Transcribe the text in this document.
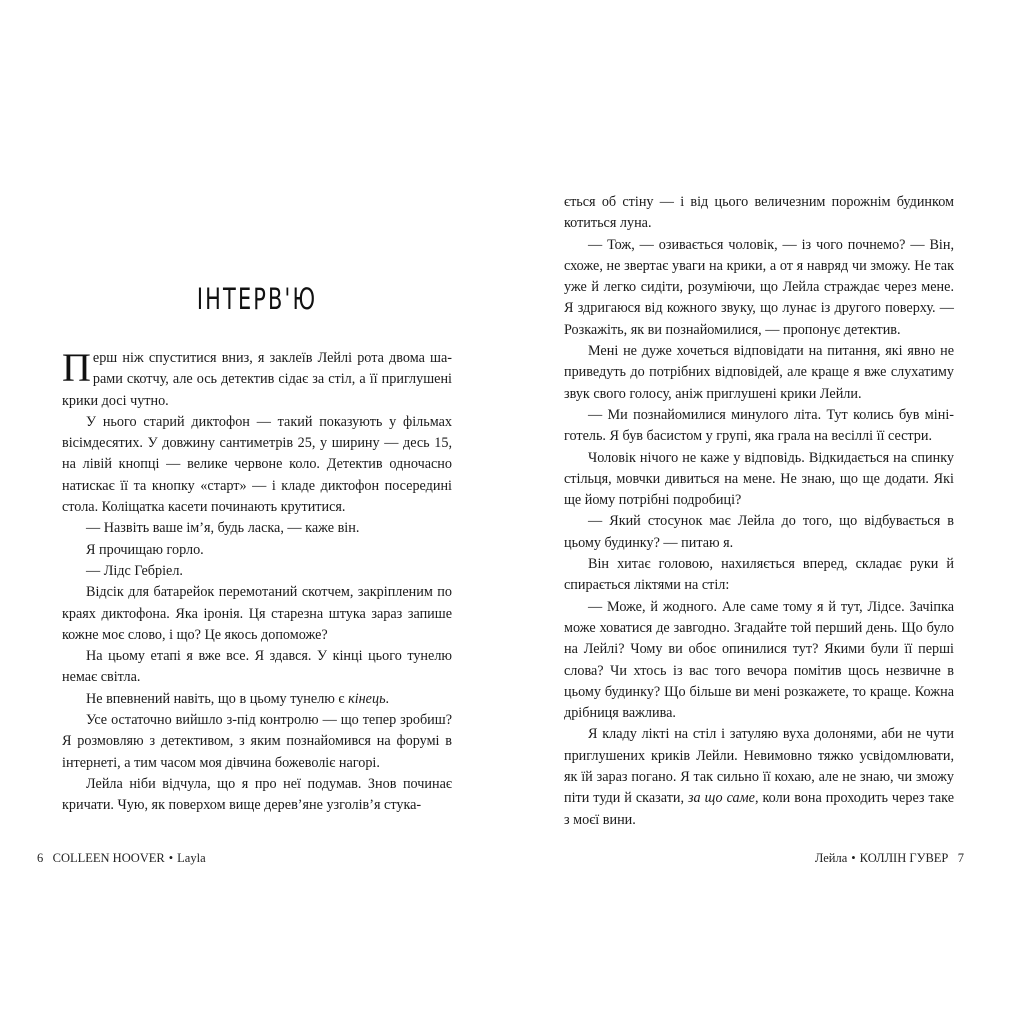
ІНТЕРВ'Ю

Перш ніж спуститися вниз, я заклеїв Лейлі рота двома шарами скотчу, але ось детектив сідає за стіл, а її приглушені крики досі чутно.

У нього старий диктофон — такий показують у фільмах вісімдесятих. У довжину сантиметрів 25, у ширину — десь 15, на лівій кнопці — велике червоне коло. Детектив одночасно натискає її та кнопку «старт» — і кладе диктофон посередині стола. Коліщатка касети починають крутитися.

— Назвіть ваше ім’я, будь ласка, — каже він.

Я прочищаю горло.

— Лідс Гебріел.

Відсік для батарейок перемотаний скотчем, закріпленим по краях диктофона. Яка іронія. Ця старезна штука зараз запише кожне моє слово, і що? Це якось допоможе?

На цьому етапі я вже все. Я здався. У кінці цього тунелю немає світла.

Не впевнений навіть, що в цьому тунелю є кінець.

Усе остаточно вийшло з-під контролю — що тепер зробиш? Я розмовляю з детективом, з яким познайомився на форумі в інтернеті, а тим часом моя дівчина божеволіє нагорі.

Лейла ніби відчула, що я про неї подумав. Знов починає кричати. Чую, як поверхом вище дерев’яне узголів’я стука-

6 COLLEEN HOOVER • Layla

ється об стіну — і від цього величезним порожнім будинком котиться луна.

— Тож, — озивається чоловік, — із чого почнемо? — Він, схоже, не звертає уваги на крики, а от я навряд чи зможу. Не так уже й легко сидіти, розуміючи, що Лейла страждає через мене. Я здригаюся від кожного звуку, що лунає із другого поверху. — Розкажіть, як ви познайомилися, — пропонує детектив.

Мені не дуже хочеться відповідати на питання, які явно не приведуть до потрібних відповідей, але краще я вже слухатиму звук свого голосу, аніж приглушені крики Лейли.

— Ми познайомилися минулого літа. Тут колись був мініготель. Я був басистом у групі, яка грала на весіллі її сестри.

Чоловік нічого не каже у відповідь. Відкидається на спинку стільця, мовчки дивиться на мене. Не знаю, що ще додати. Які ще йому потрібні подробиці?

— Який стосунок має Лейла до того, що відбувається в цьому будинку? — питаю я.

Він хитає головою, нахиляється вперед, складає руки й спирається ліктями на стіл:

— Може, й жодного. Але саме тому я й тут, Лідсе. Зачіпка може ховатися де завгодно. Згадайте той перший день. Що було на Лейлі? Чому ви обоє опинилися тут? Якими були її перші слова? Чи хтось із вас того вечора помітив щось незвичне в цьому будинку? Що більше ви мені розкажете, то краще. Кожна дрібниця важлива.

Я кладу лікті на стіл і затуляю вуха долонями, аби не чути приглушених криків Лейли. Невимовно тяжко усвідомлювати, як їй зараз погано. Я так сильно її кохаю, але не знаю, чи зможу піти туди й сказати, за що саме, коли вона проходить через таке з моєї вини.

Лейла • КОЛЛІН ГУВЕР 7
